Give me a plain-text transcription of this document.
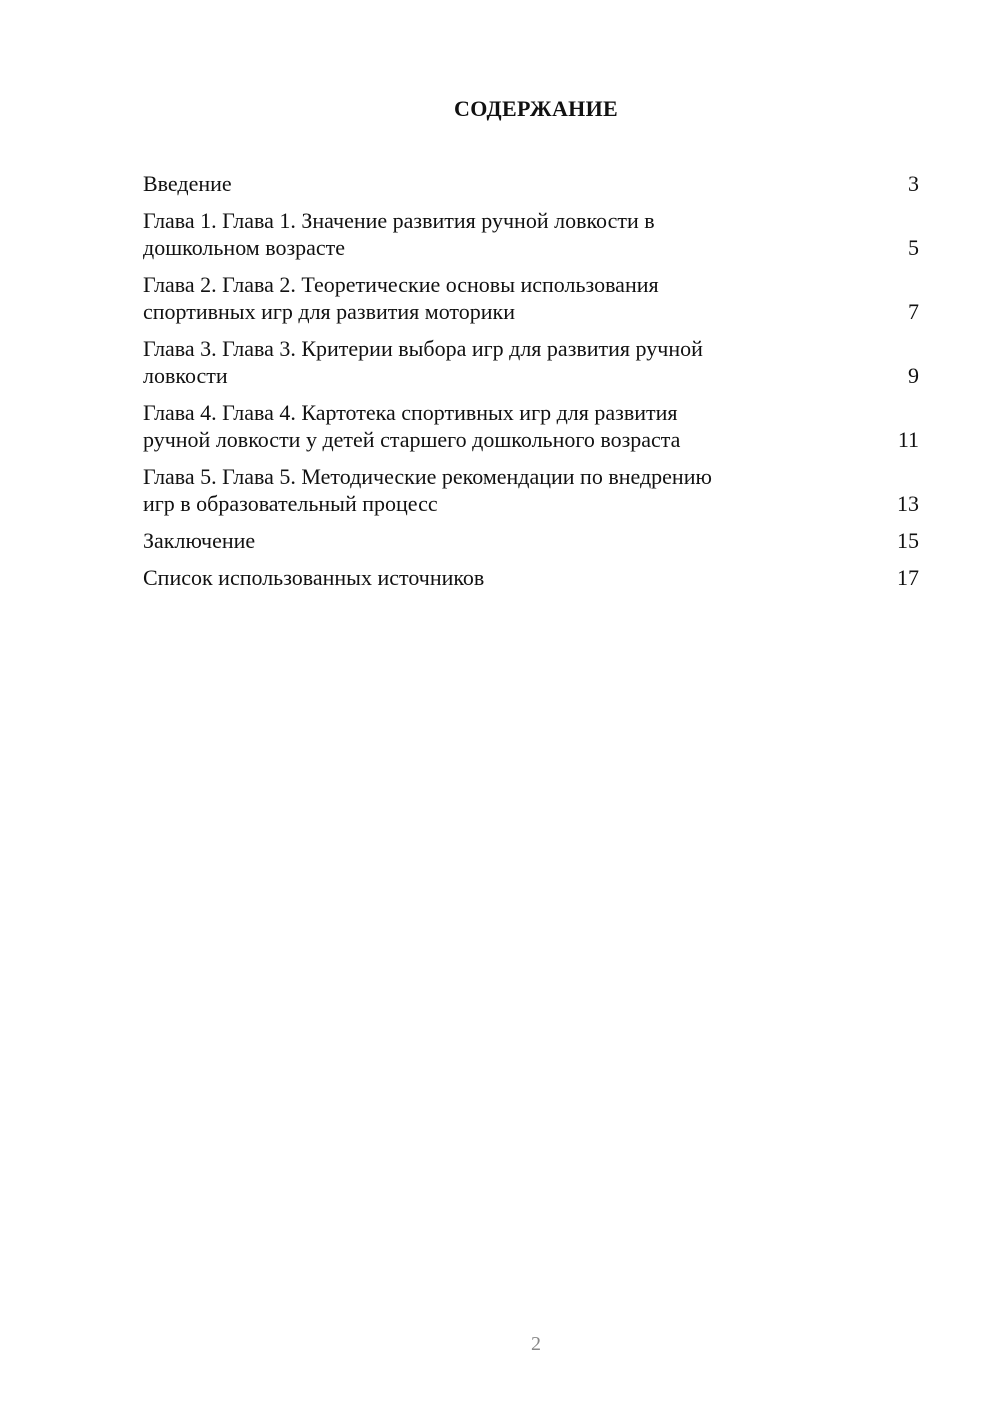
СОДЕРЖАНИЕ
Введение	3
Глава 1. Глава 1. Значение развития ручной ловкости в
дошкольном возрасте	5
Глава 2. Глава 2. Теоретические основы использования
спортивных игр для развития моторики	7
Глава 3. Глава 3. Критерии выбора игр для развития ручной
ловкости	9
Глава 4. Глава 4. Картотека спортивных игр для развития
ручной ловкости у детей старшего дошкольного возраста	11
Глава 5. Глава 5. Методические рекомендации по внедрению
игр в образовательный процесс	13
Заключение	15
Список использованных источников	17
2
